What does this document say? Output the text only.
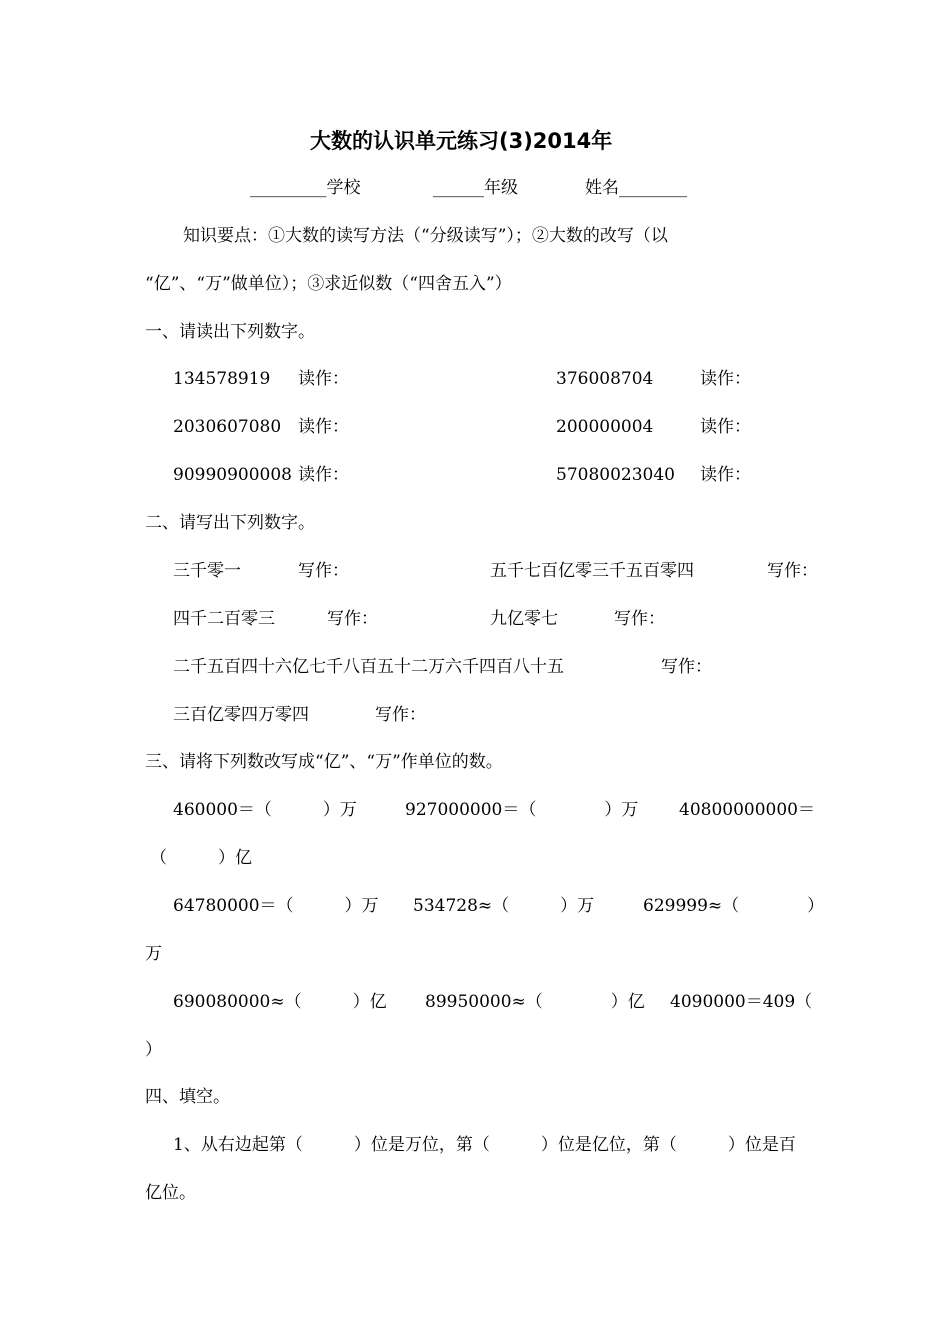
大数的认识单元练习(3)2014年
_________学校	______年级	姓名________
知识要点：①大数的读写方法（“分级读写”）；②大数的改写（以
“亿”、“万”做单位）；③求近似数（“四舍五入”）
一、请读出下列数字。
134578919 读作：	376008704	读作：
2030607080 读作：	200000004	读作：
90990900008 读作：	57080023040 读作：
二、请写出下列数字。
三千零一	写作：	五千七百亿零三千五百零四	写作：
四千二百零三	写作：	九亿零七	写作：
二千五百四十六亿七千八百五十二万六千四百八十五	写作：
三百亿零四万零四	写作：
三、请将下列数改写成“亿”、“万”作单位的数。
460000＝（　　　）万	927000000＝（　　　　）万 40800000000＝
（　　　）亿
64780000＝（　　　）万 534728≈（　　　）万	629999≈（　　　　）
万
690080000≈（　　　）亿 89950000≈（　　　　）亿 4090000＝409（
）
四、填空。
1、从右边起第（　　　）位是万位，第（　　　）位是亿位，第（　　　）位是百
亿位。
